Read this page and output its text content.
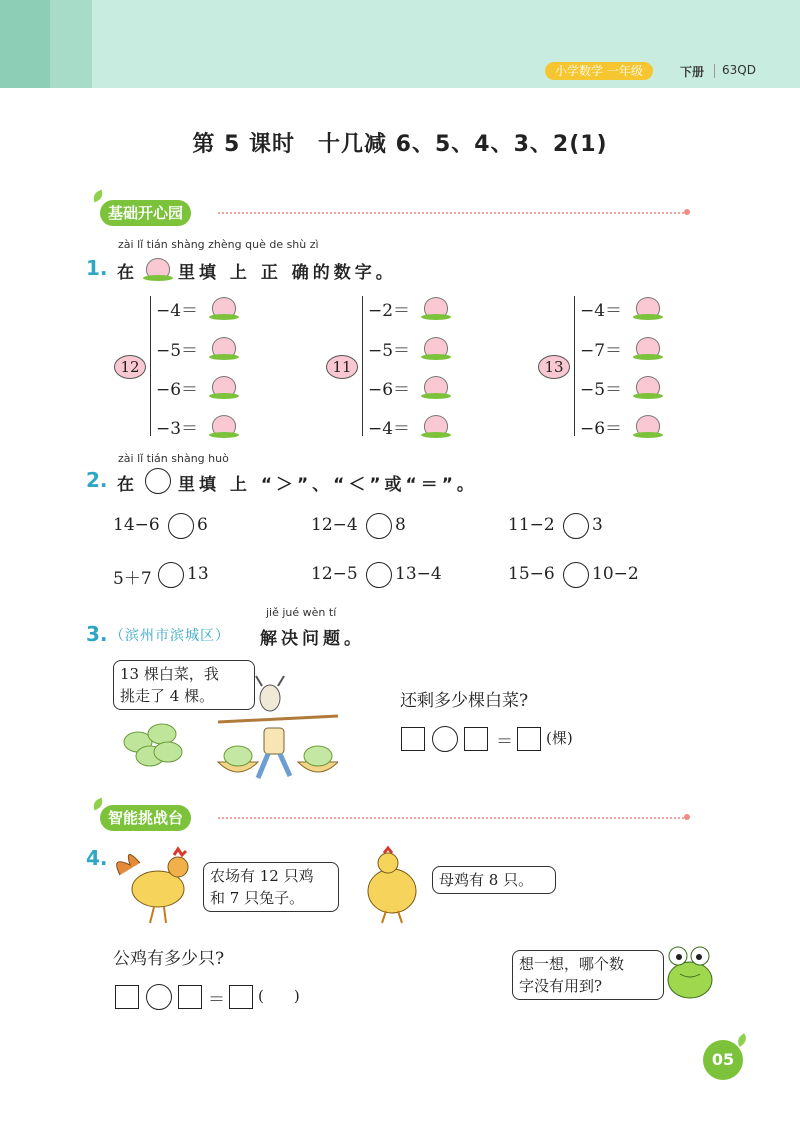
小学数学 一年级	下册 63QD
第 5 课时　十几减 6、5、4、3、2(1)
基础开心园
zài lǐ tián shàng zhèng què de shù zì
1. 在 里填 上 正 确的数字。
12
−4＝
−5＝
−6＝
−3＝
11
−2＝
−5＝
−6＝
−4＝
13
−4＝
−7＝
−5＝
−6＝
zài lǐ tián shàng huò
2. 在 里填 上 “＞”、“＜”或“＝”。
14−6 6	12−4 8	11−2 3
5＋7 13	12−5 13−4	15−6 10−2
jiě jué wèn tí
3. （滨州市滨城区） 解决问题。
13 棵白菜，我
挑走了 4 棵。	还剩多少棵白菜?
＝ (棵)
智能挑战台
4.
农场有 12 只鸡
和 7 只兔子。
母鸡有 8 只。
公鸡有多少只?
＝ (　　)
想一想，哪个数
字没有用到?
05
